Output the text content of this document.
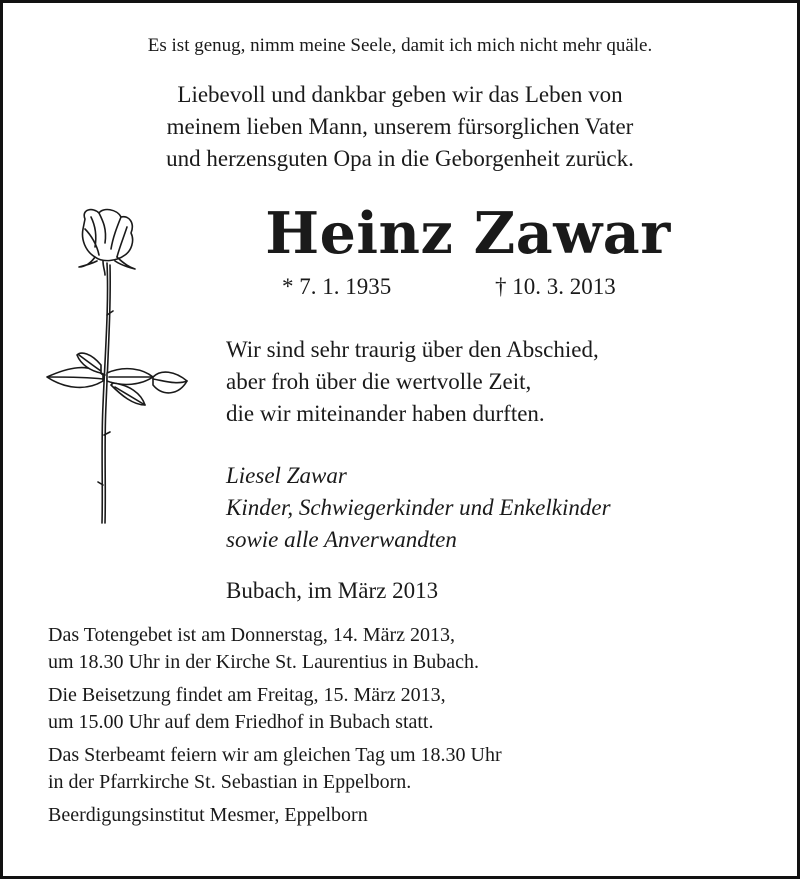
Es ist genug, nimm meine Seele, damit ich mich nicht mehr quäle.
Liebevoll und dankbar geben wir das Leben von
meinem lieben Mann, unserem fürsorglichen Vater
und herzensguten Opa in die Geborgenheit zurück.
Heinz Zawar
* 7. 1. 1935	† 10. 3. 2013
Wir sind sehr traurig über den Abschied,
aber froh über die wertvolle Zeit,
die wir miteinander haben durften.
Liesel Zawar
Kinder, Schwiegerkinder und Enkelkinder
sowie alle Anverwandten
Bubach, im März 2013
Das Totengebet ist am Donnerstag, 14. März 2013,
um 18.30 Uhr in der Kirche St. Laurentius in Bubach.
Die Beisetzung findet am Freitag, 15. März 2013,
um 15.00 Uhr auf dem Friedhof in Bubach statt.
Das Sterbeamt feiern wir am gleichen Tag um 18.30 Uhr
in der Pfarrkirche St. Sebastian in Eppelborn.
Beerdigungsinstitut Mesmer, Eppelborn
